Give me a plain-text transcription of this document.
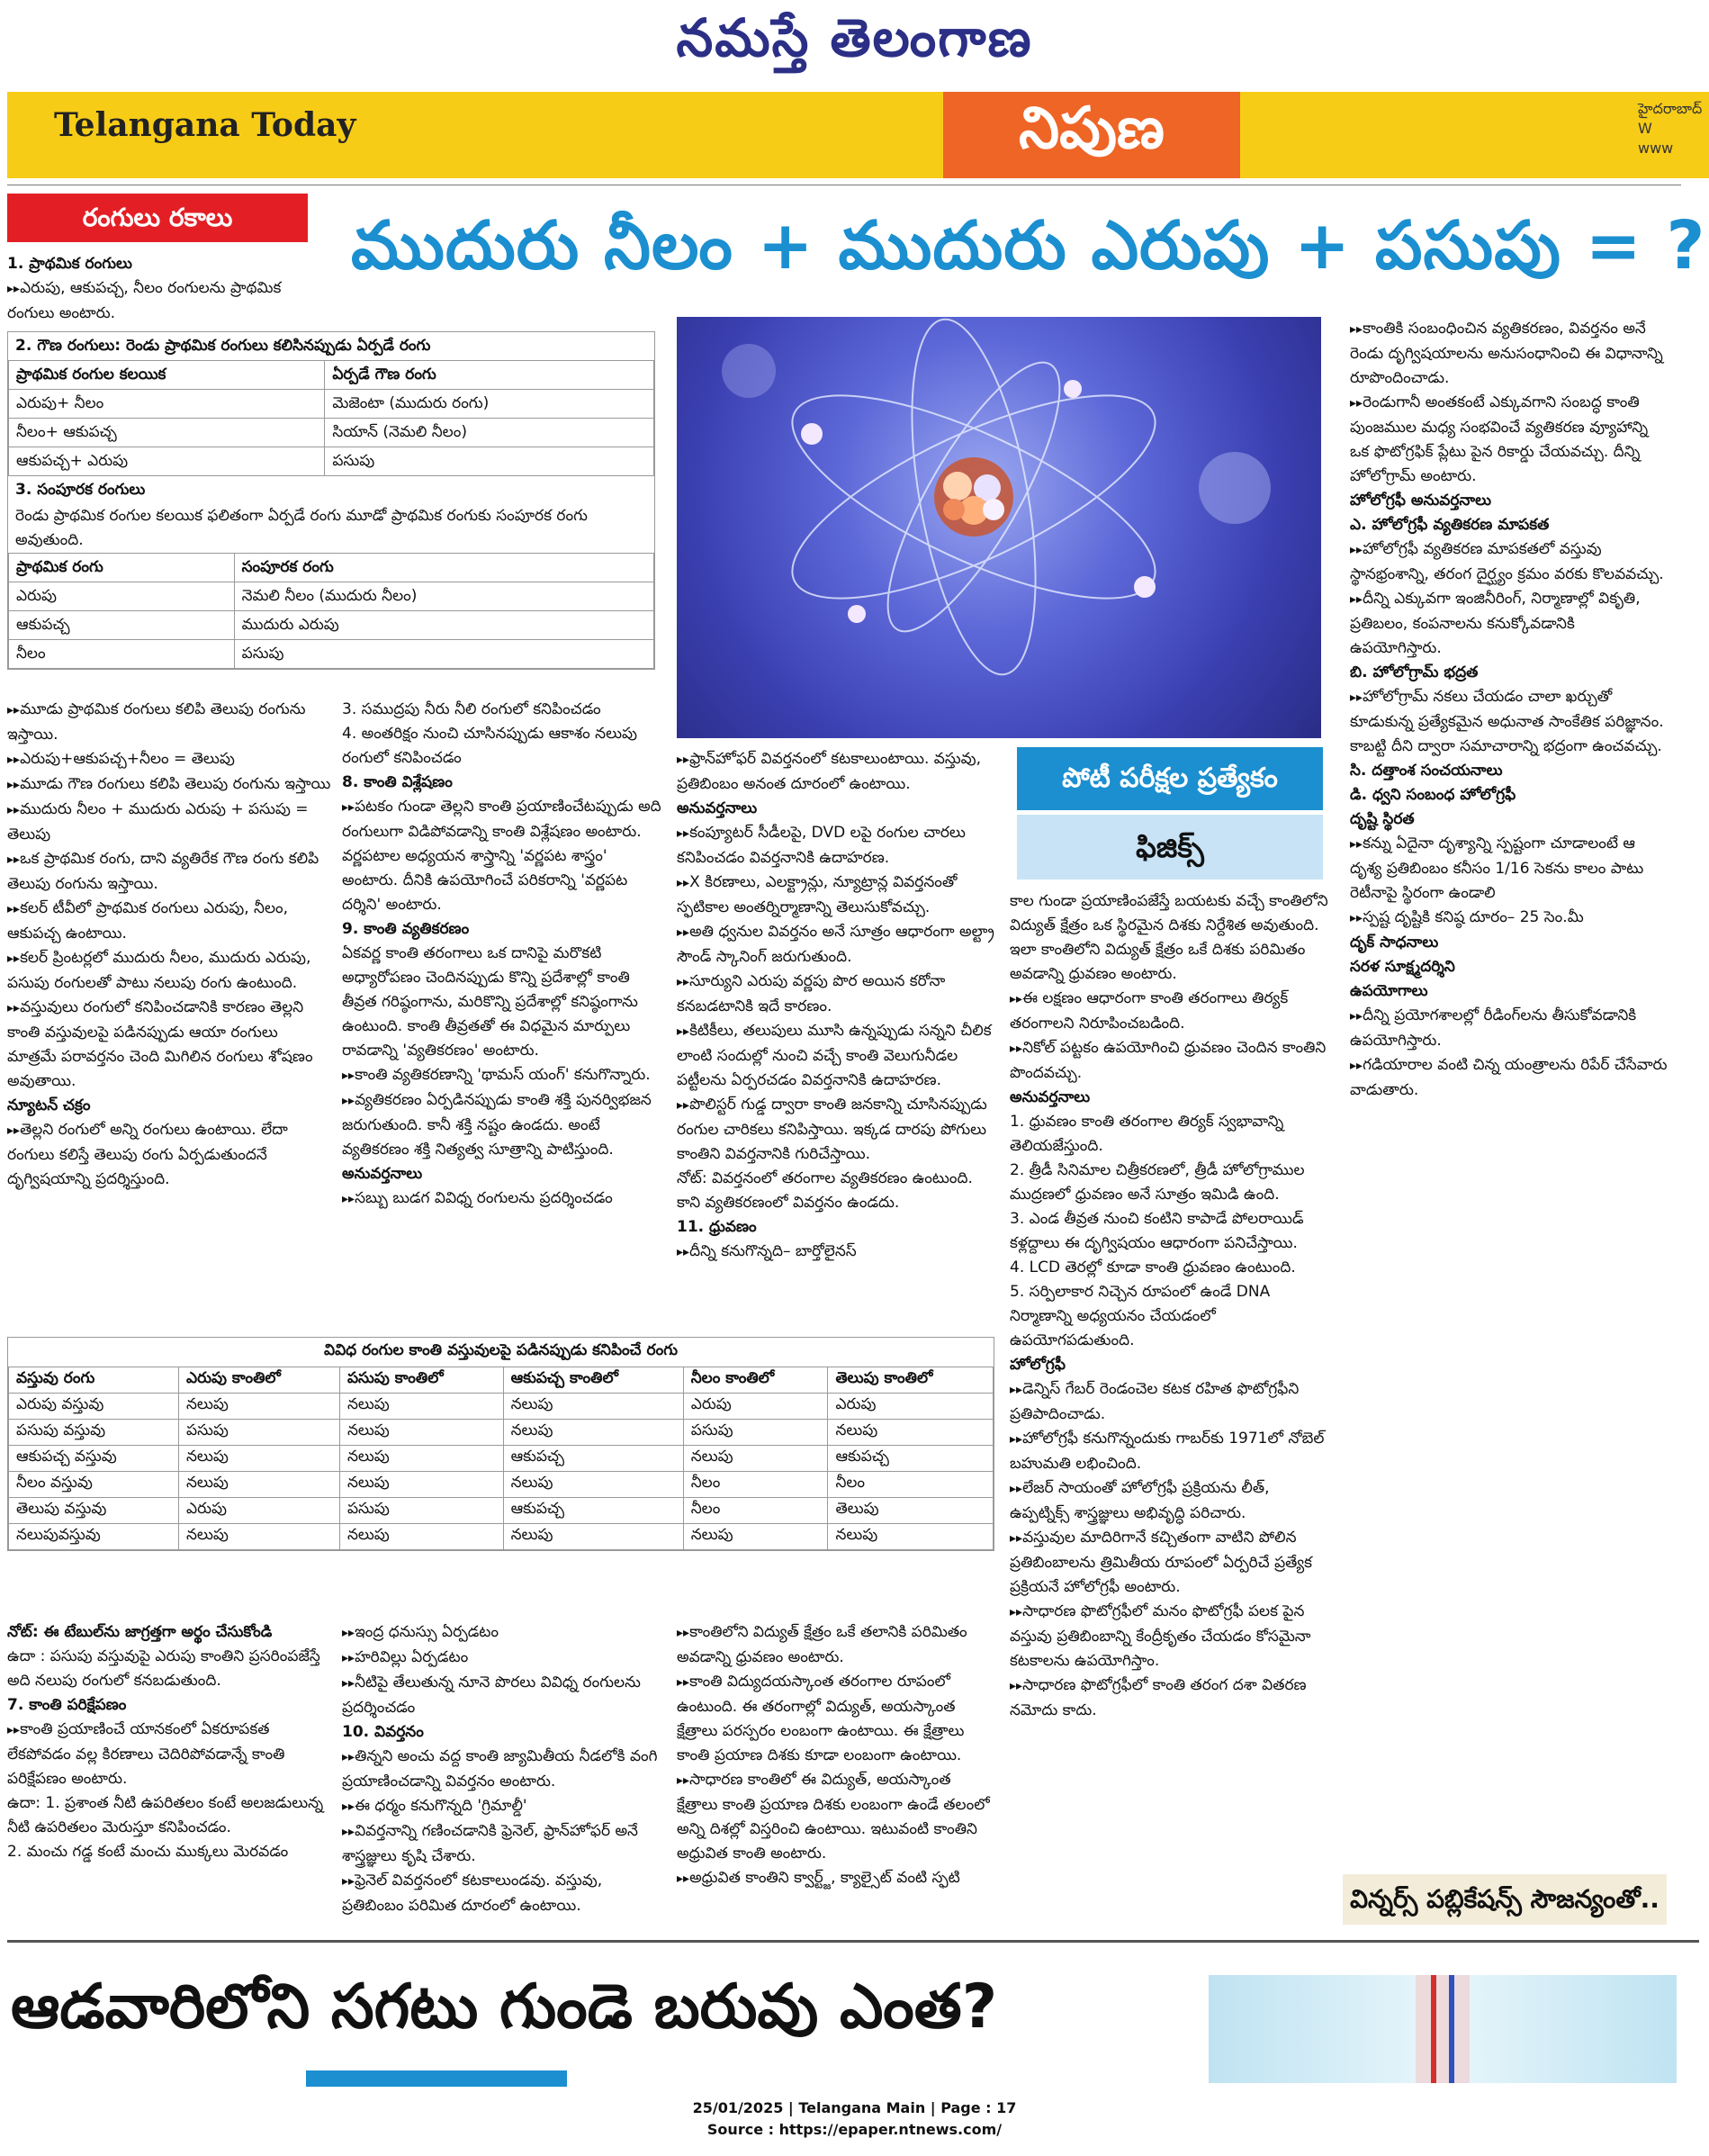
నమస్తే తెలంగాణ
Telangana Today	నిపుణ	హైదరాబాద్
W
www
రంగులు రకాలు	ముదురు నీలం + ముదురు ఎరుపు + పసుపు = ?

1. ప్రాథమిక రంగులు

▸▸ ఎరుపు, ఆకుపచ్చ, నీలం రంగులను ప్రాథమిక రంగులు అంటారు.

2. గౌణ రంగులు: రెండు ప్రాథమిక రంగులు కలిసినప్పుడు ఏర్పడే రంగు

ప్రాథమిక రంగుల కలయిక	ఏర్పడే గౌణ రంగు
ఎరుపు+ నీలం	మెజెంటా (ముదురు రంగు)
నీలం+ ఆకుపచ్చ	సియాన్ (నెమలి నీలం)
ఆకుపచ్చ+ ఎరుపు	పసుపు

3. సంపూరక రంగులు

రెండు ప్రాథమిక రంగుల కలయిక ఫలితంగా ఏర్పడే రంగు మూడో ప్రాథమిక రంగుకు సంపూరక రంగు అవుతుంది.

ప్రాథమిక రంగు	సంపూరక రంగు
ఎరుపు	నెమలి నీలం (ముదురు నీలం)
ఆకుపచ్చ	ముదురు ఎరుపు
నీలం	పసుపు

▸▸ మూడు ప్రాథమిక రంగులు కలిపి తెలుపు రంగును ఇస్తాయి.

▸▸ ఎరుపు+ఆకుపచ్చ+నీలం = తెలుపు

▸▸ మూడు గౌణ రంగులు కలిపి తెలుపు రంగును ఇస్తాయి

▸▸ ముదురు నీలం + ముదురు ఎరుపు + పసుపు = తెలుపు

▸▸ ఒక ప్రాథమిక రంగు, దాని వ్యతిరేక గౌణ రంగు కలిపి తెలుపు రంగును ఇస్తాయి.

▸▸ కలర్ టీవీలో ప్రాథమిక రంగులు ఎరుపు, నీలం, ఆకుపచ్చ ఉంటాయి.

▸▸ కలర్ ప్రింటర్లలో ముదురు నీలం, ముదురు ఎరుపు, పసుపు రంగులతో పాటు నలుపు రంగు ఉంటుంది.

▸▸ వస్తువులు రంగులో కనిపించడానికి కారణం తెల్లని కాంతి వస్తువులపై పడినప్పుడు ఆయా రంగులు మాత్రమే పరావర్తనం చెంది మిగిలిన రంగులు శోషణం అవుతాయి.

న్యూటన్ చక్రం

▸▸ తెల్లని రంగులో అన్ని రంగులు ఉంటాయి. లేదా రంగులు కలిస్తే తెలుపు రంగు ఏర్పడుతుందనే దృగ్విషయాన్ని ప్రదర్శిస్తుంది.

3. సముద్రపు నీరు నీలి రంగులో కనిపించడం

4. అంతరిక్షం నుంచి చూసినప్పుడు ఆకాశం నలుపు రంగులో కనిపించడం

8. కాంతి విశ్లేషణం

▸▸ పటకం గుండా తెల్లని కాంతి ప్రయాణించేటప్పుడు అది రంగులుగా విడిపోవడాన్ని కాంతి విశ్లేషణం అంటారు. వర్ణపటాల అధ్యయన శాస్త్రాన్ని 'వర్ణపట శాస్త్రం' అంటారు. దీనికి ఉపయోగించే పరికరాన్ని 'వర్ణపట దర్శిని' అంటారు.

9. కాంతి వ్యతికరణం

ఏకవర్ణ కాంతి తరంగాలు ఒక దానిపై మరొకటి అధ్యారోపణం చెందినప్పుడు కొన్ని ప్రదేశాల్లో కాంతి తీవ్రత గరిష్ఠంగాను, మరికొన్ని ప్రదేశాల్లో కనిష్ఠంగాను ఉంటుంది. కాంతి తీవ్రతతో ఈ విధమైన మార్పులు రావడాన్ని 'వ్యతికరణం' అంటారు.

▸▸ కాంతి వ్యతికరణాన్ని 'థామస్ యంగ్' కనుగొన్నారు.

▸▸ వ్యతికరణం ఏర్పడినప్పుడు కాంతి శక్తి పునర్విభజన జరుగుతుంది. కానీ శక్తి నష్టం ఉండదు. అంటే వ్యతికరణం శక్తి నిత్యత్వ సూత్రాన్ని పాటిస్తుంది.

అనువర్తనాలు

▸▸ సబ్బు బుడగ వివిధ్న రంగులను ప్రదర్శించడం

▸▸ ఫ్రాన్‌హోఫర్ వివర్తనంలో కటకాలుంటాయి. వస్తువు, ప్రతిబింబం అనంత దూరంలో ఉంటాయి.

అనువర్తనాలు

▸▸ కంప్యూటర్ సీడీలపై, DVD లపై రంగుల చారలు కనిపించడం వివర్తనానికి ఉదాహరణ.

▸▸ X కిరణాలు, ఎలక్ట్రాన్లు, న్యూట్రాన్ల వివర్తనంతో స్ఫటికాల అంతర్నిర్మాణాన్ని తెలుసుకోవచ్చు.

▸▸ అతి ధ్వనుల వివర్తనం అనే సూత్రం ఆధారంగా అల్ట్రా సౌండ్ స్కానింగ్ జరుగుతుంది.

▸▸ సూర్యుని ఎరుపు వర్ణపు పొర అయిన కరోనా కనబడటానికి ఇదే కారణం.

▸▸ కిటికీలు, తలుపులు మూసి ఉన్నప్పుడు సన్నని చీలిక లాంటి సందుల్లో నుంచి వచ్చే కాంతి వెలుగునీడల పట్టీలను ఏర్పరచడం వివర్తనానికి ఉదాహరణ.

▸▸ పొలిస్టర్ గుడ్డ ద్వారా కాంతి జనకాన్ని చూసినప్పుడు రంగుల చారికలు కనిపిస్తాయి. ఇక్కడ దారపు పోగులు కాంతిని వివర్తనానికి గురిచేస్తాయి.

నోట్: వివర్తనంలో తరంగాల వ్యతికరణం ఉంటుంది. కాని వ్యతికరణంలో వివర్తనం ఉండదు.

11. ధ్రువణం

▸▸ దీన్ని కనుగొన్నది– బార్తోలైనస్

పోటీ పరీక్షల ప్రత్యేకం
ఫిజిక్స్

కాల గుండా ప్రయాణింపజేస్తే బయటకు వచ్చే కాంతిలోని విద్యుత్ క్షేత్రం ఒక స్థిరమైన దిశకు నిర్దేశిత అవుతుంది. ఇలా కాంతిలోని విద్యుత్ క్షేత్రం ఒకే దిశకు పరిమితం అవడాన్ని ధ్రువణం అంటారు.

▸▸ ఈ లక్షణం ఆధారంగా కాంతి తరంగాలు తిర్యక్ తరంగాలని నిరూపించబడింది.

▸▸ నికోల్ పట్టకం ఉపయోగించి ధ్రువణం చెందిన కాంతిని పొందవచ్చు.

అనువర్తనాలు

1. ధ్రువణం కాంతి తరంగాల తిర్యక్ స్వభావాన్ని తెలియజేస్తుంది.

2. త్రీడీ సినిమాల చిత్రీకరణలో, త్రీడీ హోలోగ్రాముల ముద్రణలో ధ్రువణం అనే సూత్రం ఇమిడి ఉంది.

3. ఎండ తీవ్రత నుంచి కంటిని కాపాడే పోలరాయిడ్ కళ్లద్దాలు ఈ దృగ్విషయం ఆధారంగా పనిచేస్తాయి.

4. LCD తెరల్లో కూడా కాంతి ధ్రువణం ఉంటుంది.

5. సర్పిలాకార నిచ్చెన రూపంలో ఉండే DNA నిర్మాణాన్ని అధ్యయనం చేయడంలో ఉపయోగపడుతుంది.

హోలోగ్రఫీ

▸▸ డెన్నిస్ గేబర్ రెండంచెల కటక రహిత ఫొటోగ్రఫీని ప్రతిపాదించాడు.

▸▸ హోలోగ్రఫీ కనుగొన్నందుకు గాబర్‌కు 1971లో నోబెల్ బహుమతి లభించింది.

▸▸ లేజర్ సాయంతో హోలోగ్రఫీ ప్రక్రియను లీత్, ఉప్పట్నిక్స్ శాస్త్రజ్ఞులు అభివృద్ధి పరిచారు.

▸▸ వస్తువుల మాదిరిగానే కచ్చితంగా వాటిని పోలిన ప్రతిబింబాలను త్రిమితీయ రూపంలో ఏర్పరిచే ప్రత్యేక ప్రక్రియనే హోలోగ్రఫీ అంటారు.

▸▸ సాధారణ ఫొటోగ్రఫీలో మనం ఫొటోగ్రఫీ పలక పైన వస్తువు ప్రతిబింబాన్ని కేంద్రీకృతం చేయడం కోసమైనా కటకాలను ఉపయోగిస్తాం.

▸▸ సాధారణ ఫొటోగ్రఫీలో కాంతి తరంగ దశా వితరణ నమోదు కాదు.

▸▸ కాంతికి సంబంధించిన వ్యతికరణం, వివర్తనం అనే రెండు దృగ్విషయాలను అనుసంధానించి ఈ విధానాన్ని రూపొందించాడు.

▸▸ రెండుగానీ అంతకంటే ఎక్కువగాని సంబద్ధ కాంతి పుంజముల మధ్య సంభవించే వ్యతికరణ వ్యూహాన్ని ఒక ఫొటోగ్రఫిక్ ప్లేటు పైన రికార్డు చేయవచ్చు. దీన్ని హోలోగ్రామ్ అంటారు.

హోలోగ్రఫీ అనువర్తనాలు

ఎ. హోలోగ్రఫీ వ్యతికరణ మాపకత

▸▸ హోలోగ్రఫీ వ్యతికరణ మాపకతలో వస్తువు స్థానభ్రంశాన్ని, తరంగ దైర్ఘ్యం క్రమం వరకు కొలవవచ్చు.

▸▸ దీన్ని ఎక్కువగా ఇంజినీరింగ్, నిర్మాణాల్లో వికృతి, ప్రతిబలం, కంపనాలను కనుక్కోవడానికి ఉపయోగిస్తారు.

బి. హోలోగ్రామ్ భద్రత

▸▸ హోలోగ్రామ్ నకలు చేయడం చాలా ఖర్చుతో కూడుకున్న ప్రత్యేకమైన అధునాత సాంకేతిక పరిజ్ఞానం. కాబట్టి దీని ద్వారా సమాచారాన్ని భద్రంగా ఉంచవచ్చు.

సి. దత్తాంశ సంచయనాలు

డి. ధ్వని సంబంధ హోలోగ్రఫీ

దృష్టి స్థిరత

▸▸ కన్ను ఏదైనా దృశ్యాన్ని స్పష్టంగా చూడాలంటే ఆ దృశ్య ప్రతిబింబం కనీసం 1/16 సెకను కాలం పాటు రెటీనాపై స్థిరంగా ఉండాలి

▸▸ స్పష్ట దృష్టికి కనిష్ఠ దూరం– 25 సెం.మీ

దృక్ సాధనాలు

సరళ సూక్ష్మదర్శిని

ఉపయోగాలు

▸▸ దీన్ని ప్రయోగశాలల్లో రీడింగ్‌లను తీసుకోవడానికి ఉపయోగిస్తారు.

▸▸ గడియారాల వంటి చిన్న యంత్రాలను రిపేర్ చేసేవారు వాడుతారు.

వివిధ రంగుల కాంతి వస్తువులపై పడినప్పుడు కనిపించే రంగు

వస్తువు రంగు	ఎరుపు కాంతిలో	పసుపు కాంతిలో	ఆకుపచ్చ కాంతిలో	నీలం కాంతిలో	తెలుపు కాంతిలో
ఎరుపు వస్తువు	నలుపు	నలుపు	నలుపు	ఎరుపు	ఎరుపు
పసుపు వస్తువు	పసుపు	నలుపు	నలుపు	పసుపు	నలుపు
ఆకుపచ్చ వస్తువు	నలుపు	నలుపు	ఆకుపచ్చ	నలుపు	ఆకుపచ్చ
నీలం వస్తువు	నలుపు	నలుపు	నలుపు	నీలం	నీలం
తెలుపు వస్తువు	ఎరుపు	పసుపు	ఆకుపచ్చ	నీలం	తెలుపు
నలుపువస్తువు	నలుపు	నలుపు	నలుపు	నలుపు	నలుపు

నోట్: ఈ టేబుల్‌ను జాగ్రత్తగా అర్థం చేసుకోండి

ఉదా : పసుపు వస్తువుపై ఎరుపు కాంతిని ప్రసరింపజేస్తే అది నలుపు రంగులో కనబడుతుంది.

7. కాంతి పరిక్షేపణం

▸▸ కాంతి ప్రయాణించే యానకంలో ఏకరూపకత లేకపోవడం వల్ల కిరణాలు చెదిరిపోవడాన్నే కాంతి పరిక్షేపణం అంటారు.

ఉదా: 1. ప్రశాంత నీటి ఉపరితలం కంటే అలజడులున్న నీటి ఉపరితలం మెరుస్తూ కనిపించడం.

2. మంచు గడ్డ కంటే మంచు ముక్కలు మెరవడం

▸▸ ఇంద్ర ధనుస్సు ఏర్పడటం

▸▸ హరివిల్లు ఏర్పడటం

▸▸ నీటిపై తేలుతున్న నూనె పొరలు వివిధ్న రంగులను ప్రదర్శించడం

10. వివర్తనం

▸▸ తిన్నని అంచు వద్ద కాంతి జ్యామితీయ నీడలోకి వంగి ప్రయాణించడాన్ని వివర్తనం అంటారు.

▸▸ ఈ ధర్మం కనుగొన్నది 'గ్రిమాల్డీ'

▸▸ వివర్తనాన్ని గణించడానికి ఫ్రెనెల్, ఫ్రాన్‌హోఫర్ అనే శాస్త్రజ్ఞులు కృషి చేశారు.

▸▸ ఫ్రెనెల్ వివర్తనంలో కటకాలుండవు. వస్తువు, ప్రతిబింబం పరిమిత దూరంలో ఉంటాయి.

▸▸ కాంతిలోని విద్యుత్ క్షేత్రం ఒకే తలానికి పరిమితం అవడాన్ని ధ్రువణం అంటారు.

▸▸ కాంతి విద్యుదయస్కాంత తరంగాల రూపంలో ఉంటుంది. ఈ తరంగాల్లో విద్యుత్, అయస్కాంత క్షేత్రాలు పరస్పరం లంబంగా ఉంటాయి. ఈ క్షేత్రాలు కాంతి ప్రయాణ దిశకు కూడా లంబంగా ఉంటాయి.

▸▸ సాధారణ కాంతిలో ఈ విద్యుత్, అయస్కాంత క్షేత్రాలు కాంతి ప్రయాణ దిశకు లంబంగా ఉండే తలంలో అన్ని దిశల్లో విస్తరించి ఉంటాయి. ఇటువంటి కాంతిని అధ్రువిత కాంతి అంటారు.

▸▸ అధ్రువిత కాంతిని క్వార్ట్జ్, క్యాల్సైట్ వంటి స్ఫటి

విన్నర్స్ పబ్లికేషన్స్ సౌజన్యంతో..
ఆడవారిలోని సగటు గుండె బరువు ఎంత?
25/01/2025 | Telangana Main | Page : 17
Source : https://epaper.ntnews.com/
